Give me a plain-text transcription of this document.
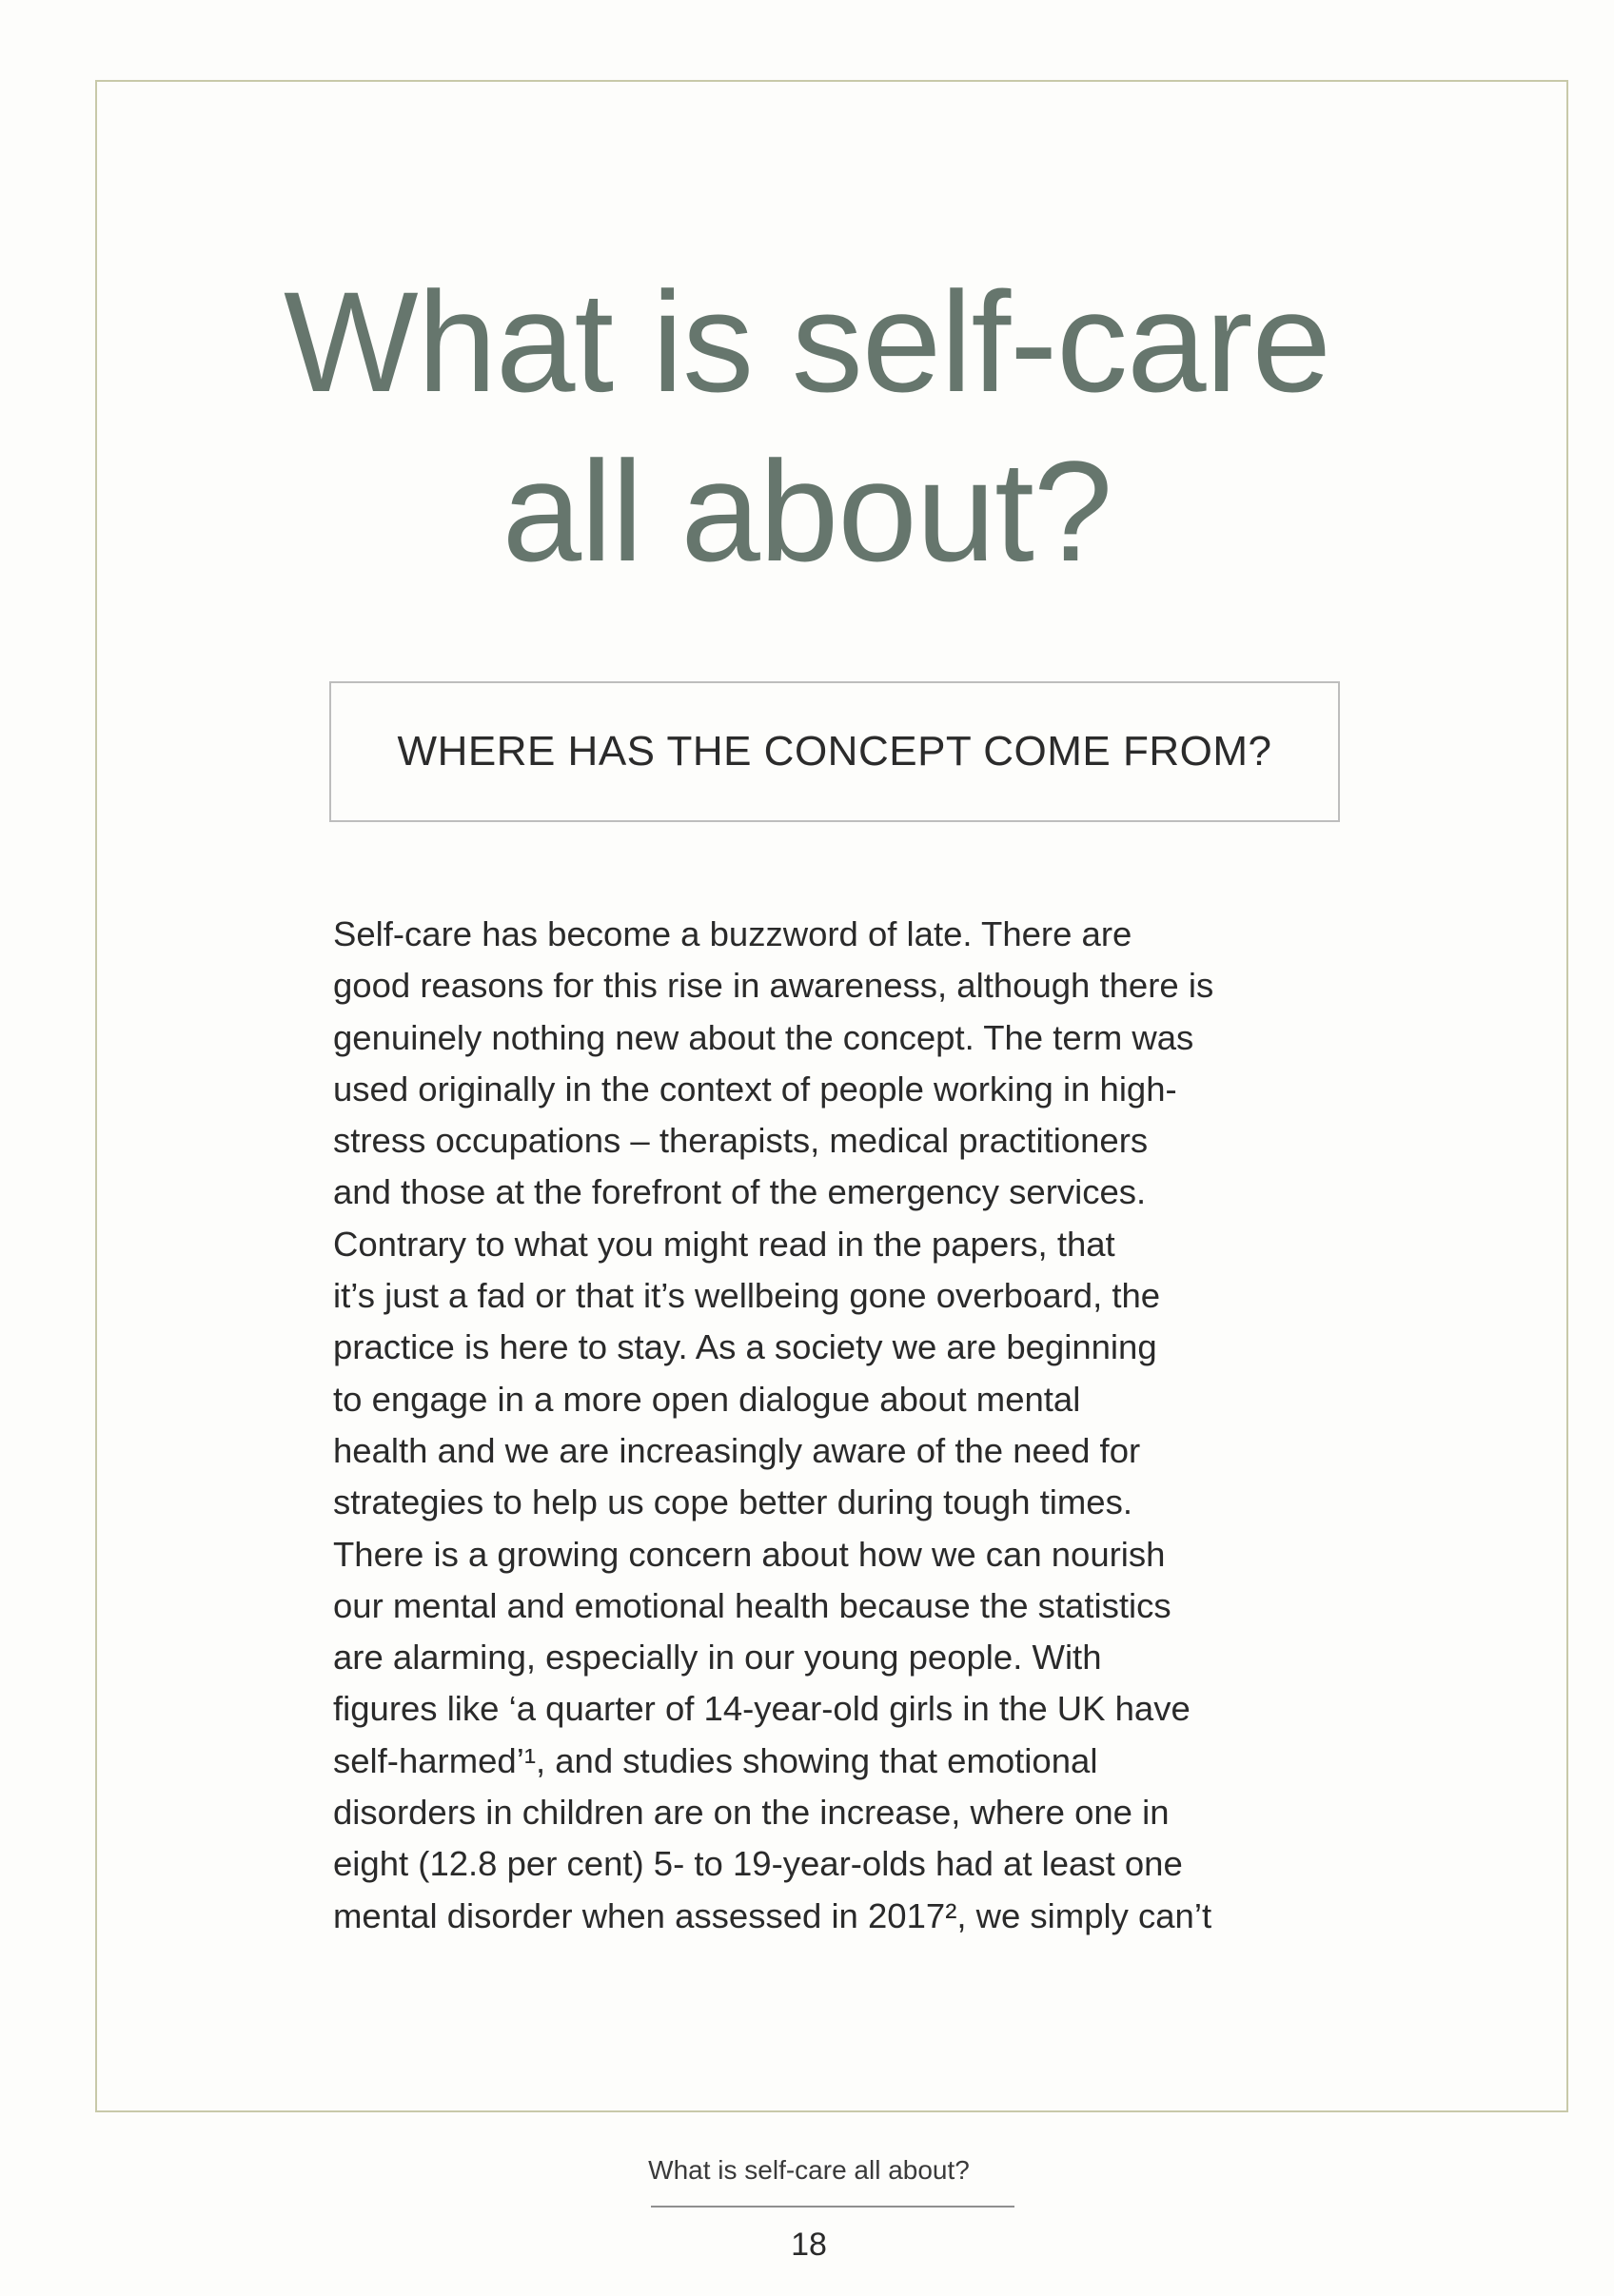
What is self-care
all about?
WHERE HAS THE CONCEPT COME FROM?
Self-care has become a buzzword of late. There are
good reasons for this rise in awareness, although there is
genuinely nothing new about the concept. The term was
used originally in the context of people working in high-
stress occupations – therapists, medical practitioners
and those at the forefront of the emergency services.
Contrary to what you might read in the papers, that
it’s just a fad or that it’s wellbeing gone overboard, the
practice is here to stay. As a society we are beginning
to engage in a more open dialogue about mental
health and we are increasingly aware of the need for
strategies to help us cope better during tough times.
There is a growing concern about how we can nourish
our mental and emotional health because the statistics
are alarming, especially in our young people. With
figures like ‘a quarter of 14-year-old girls in the UK have
self-harmed’¹, and studies showing that emotional
disorders in children are on the increase, where one in
eight (12.8 per cent) 5- to 19-year-olds had at least one
mental disorder when assessed in 2017², we simply can’t
What is self-care all about?
18
